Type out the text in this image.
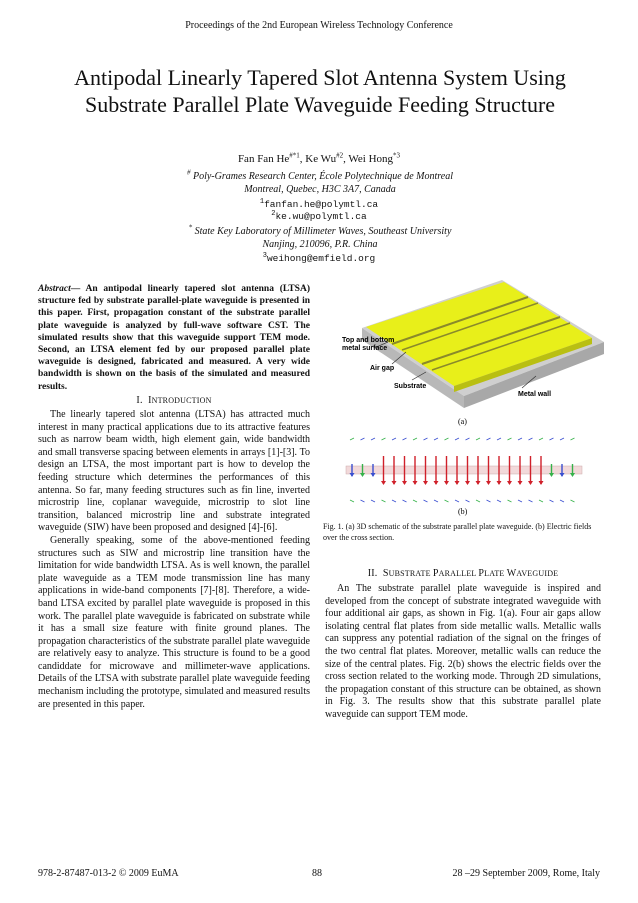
Proceedings of the 2nd European Wireless Technology Conference
Antipodal Linearly Tapered Slot Antenna System Using Substrate Parallel Plate Waveguide Feeding Structure
Fan Fan He$^{\#*1}$, Ke Wu$^{\#2}$, Wei Hong$^{*3}$
# Poly-Grames Research Center, École Polytechnique de Montreal
Montreal, Quebec, H3C 3A7, Canada
$^1$fanfan.he@polymtl.ca
$^2$ke.wu@polymtl.ca
* State Key Laboratory of Millimeter Waves, Southeast University
Nanjing, 210096, P.R. China
$^3$weihong@emfield.org
Abstract— An antipodal linearly tapered slot antenna (LTSA) structure fed by substrate parallel-plate waveguide is presented in this paper. First, propagation constant of the substrate parallel plate waveguide is analyzed by full-wave software CST. The simulated results show that this waveguide support TEM mode. Second, an LTSA element fed by our proposed parallel plate waveguide is designed, fabricated and measured. A very wide bandwidth is shown on the basis of the simulated and measured results.
I. INTRODUCTION

The linearly tapered slot antenna (LTSA) has attracted much interest in many practical applications due to its attractive features such as narrow beam width, high element gain, wide bandwidth and small transverse spacing between elements in arrays [1]-[3]. To design an LTSA, the most important part is how to develop the feeding structure which determines the performances of this antenna. So far, many feeding structures such as fin line, inverted microstrip line, coplanar waveguide, microstrip to slot line transition, balanced microstrip line and substrate integrated waveguide (SIW) have been proposed and designed [4]-[6].

Generally speaking, some of the above-mentioned feeding structures such as SIW and microstrip line transition have the limitation for wide bandwidth LTSA. As is well known, the parallel plate waveguide as a TEM mode transmission line has many applications in wide-band components [7]-[8]. Therefore, a wide-band LTSA excited by parallel plate waveguide is proposed in this work. The parallel plate waveguide is fabricated on substrate while it has a small size feature with finite ground planes. The propagation characteristics of the substrate parallel plate waveguide are relatively easy to analyze. This structure is found to be a good candiddate for microwave and millimeter-wave applications. Details of the LTSA with substrate parallel plate waveguide feeding mechanism including the prototype, simulated and measured results are presented in this paper.

Top and bottom metal surface
Air gap
Substrate
Metal wall
(a)
(b)
Fig. 1. (a) 3D schematic of the substrate parallel plate waveguide. (b) Electric fields over the cross section.
II. SUBSTRATE PARALLEL PLATE WAVEGUIDE

An The substrate parallel plate waveguide is inspired and developed from the concept of substrate integrated waveguide with four additional air gaps, as shown in Fig. 1(a). Four air gaps allow isolating central flat plates from side metallic walls. Metallic walls can suppress any potential radiation of the signal on the fringes of the two central flat plates. Moreover, metallic walls can reduce the size of the central plates. Fig. 2(b) shows the electric fields over the cross section related to the working mode. Through 2D simulations, the propagation constant of this structure can be obtained, as shown in Fig. 3. The results show that this substrate parallel plate waveguide can support TEM mode.

978-2-87487-013-2 © 2009 EuMA	88	28 –29 September 2009, Rome, Italy
